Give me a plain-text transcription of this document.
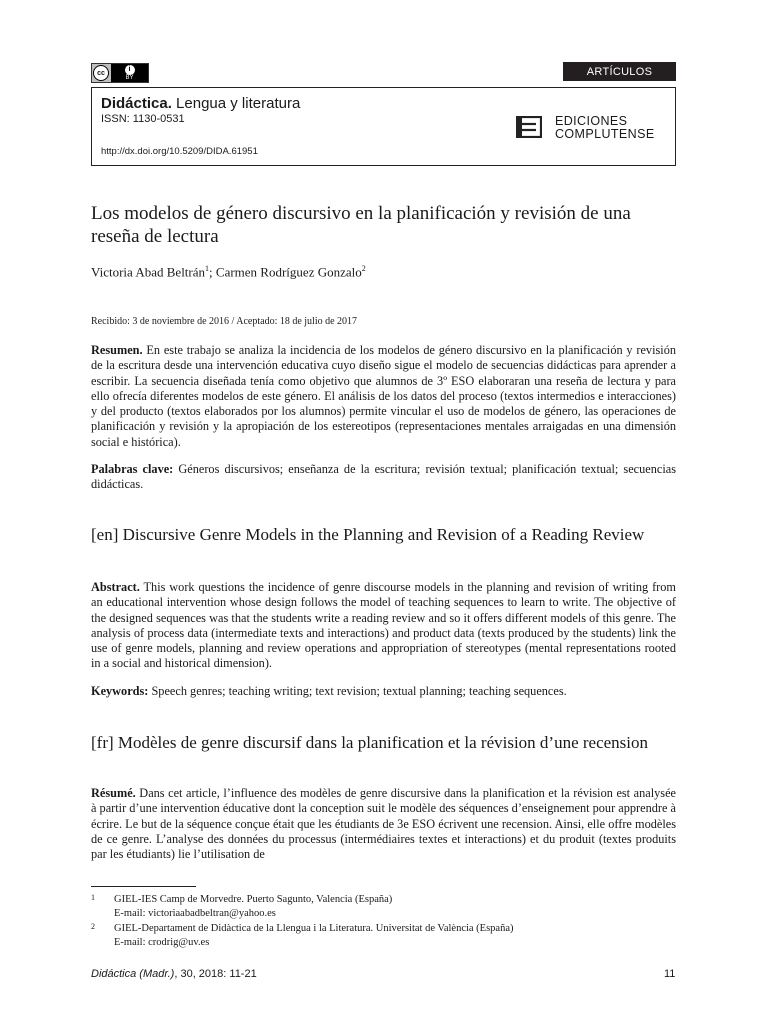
cc	i
BY
ARTÍCULOS
Didáctica. Lengua y literatura
ISSN: 1130-0531
http://dx.doi.org/10.5209/DIDA.61951
EDICIONES
COMPLUTENSE
Los modelos de género discursivo en la planificación y revisión de una reseña de lectura
Victoria Abad Beltrán$^1$; Carmen Rodríguez Gonzalo$^2$
Recibido: 3 de noviembre de 2016 / Aceptado: 18 de julio de 2017
Resumen. En este trabajo se analiza la incidencia de los modelos de género discursivo en la planificación y revisión de la escritura desde una intervención educativa cuyo diseño sigue el modelo de secuencias didácticas para aprender a escribir. La secuencia diseñada tenía como objetivo que alumnos de 3º ESO elaboraran una reseña de lectura y para ello ofrecía diferentes modelos de este género. El análisis de los datos del proceso (textos intermedios e interacciones) y del producto (textos elaborados por los alumnos) permite vincular el uso de modelos de género, las operaciones de planificación y revisión y la apropiación de los estereotipos (representaciones mentales arraigadas en una dimensión social e histórica).
Palabras clave: Géneros discursivos; enseñanza de la escritura; revisión textual; planificación textual; secuencias didácticas.
[en] Discursive Genre Models in the Planning and Revision of a Reading Review
Abstract. This work questions the incidence of genre discourse models in the planning and revision of writing from an educational intervention whose design follows the model of teaching sequences to learn to write. The objective of the designed sequences was that the students write a reading review and so it offers different models of this genre. The analysis of process data (intermediate texts and interactions) and product data (texts produced by the students) link the use of genre models, planning and review operations and appropriation of stereotypes (mental representations rooted in a social and historical dimension).
Keywords: Speech genres; teaching writing; text revision; textual planning; teaching sequences.
[fr] Modèles de genre discursif dans la planification et la révision d’une recension
Résumé. Dans cet article, l’influence des modèles de genre discursive dans la planification et la révision est analysée à partir d’une intervention éducative dont la conception suit le modèle des séquences d’enseignement pour apprendre à écrire. Le but de la séquence conçue était que les étudiants de 3e ESO écrivent une recension. Ainsi, elle offre modèles de ce genre. L’analyse des données du processus (intermédiaires textes et interactions) et du produit (textes produits par les étudiants) lie l’utilisation de
1 GIEL-IES Camp de Morvedre. Puerto Sagunto, Valencia (España)
E-mail: victoriaabadbeltran@yahoo.es
2 GIEL-Departament de Didàctica de la Llengua i la Literatura. Universitat de València (España)
E-mail: crodrig@uv.es
Didáctica (Madr.), 30, 2018: 11-21	11
